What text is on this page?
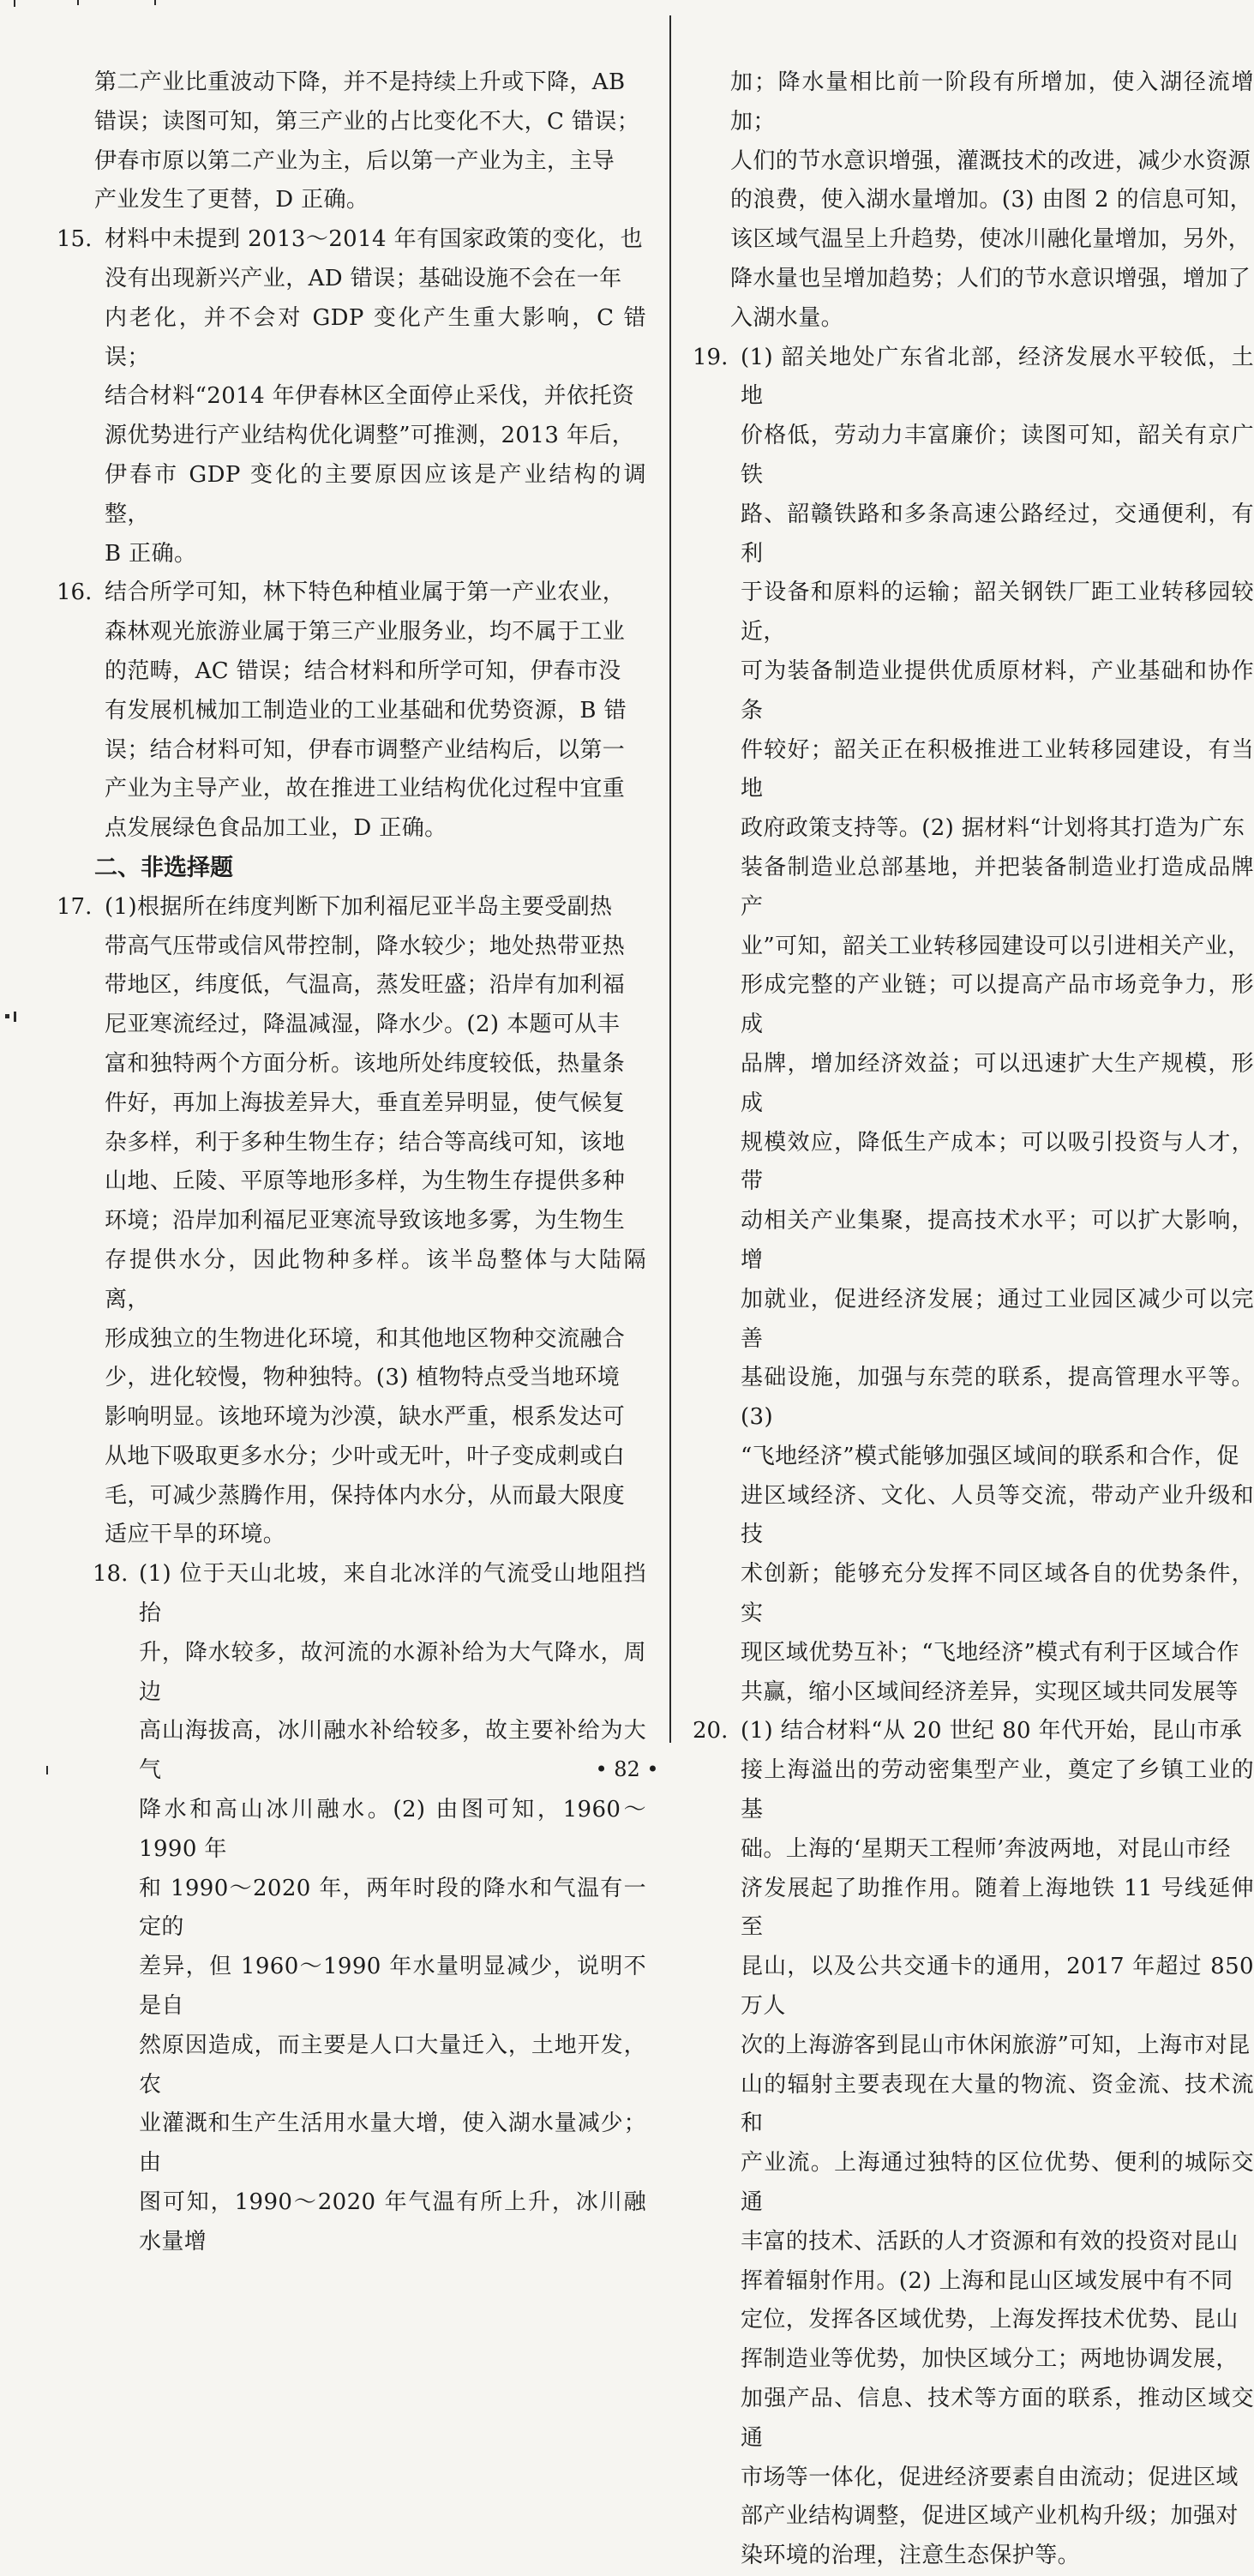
第二产业比重波动下降，并不是持续上升或下降，AB
错误；读图可知，第三产业的占比变化不大，C 错误；
伊春市原以第二产业为主，后以第一产业为主，主导
产业发生了更替，D 正确。

15. 材料中未提到 2013～2014 年有国家政策的变化，也
没有出现新兴产业，AD 错误；基础设施不会在一年
内老化，并不会对 GDP 变化产生重大影响，C 错误；
结合材料“2014 年伊春林区全面停止采伐，并依托资
源优势进行产业结构优化调整”可推测，2013 年后，
伊春市 GDP 变化的主要原因应该是产业结构的调整，
B 正确。

16. 结合所学可知，林下特色种植业属于第一产业农业，
森林观光旅游业属于第三产业服务业，均不属于工业
的范畴，AC 错误；结合材料和所学可知，伊春市没
有发展机械加工制造业的工业基础和优势资源，B 错
误；结合材料可知，伊春市调整产业结构后，以第一
产业为主导产业，故在推进工业结构优化过程中宜重
点发展绿色食品加工业，D 正确。

二、非选择题

17. (1)根据所在纬度判断下加利福尼亚半岛主要受副热
带高气压带或信风带控制，降水较少；地处热带亚热
带地区，纬度低，气温高，蒸发旺盛；沿岸有加利福
尼亚寒流经过，降温减湿，降水少。(2) 本题可从丰
富和独特两个方面分析。该地所处纬度较低，热量条
件好，再加上海拔差异大，垂直差异明显，使气候复
杂多样，利于多种生物生存；结合等高线可知，该地
山地、丘陵、平原等地形多样，为生物生存提供多种
环境；沿岸加利福尼亚寒流导致该地多雾，为生物生
存提供水分，因此物种多样。该半岛整体与大陆隔离，
形成独立的生物进化环境，和其他地区物种交流融合
少，进化较慢，物种独特。(3) 植物特点受当地环境
影响明显。该地环境为沙漠，缺水严重，根系发达可
从地下吸取更多水分；少叶或无叶，叶子变成刺或白
毛，可减少蒸腾作用，保持体内水分，从而最大限度
适应干旱的环境。

18. (1) 位于天山北坡，来自北冰洋的气流受山地阻挡抬
升，降水较多，故河流的水源补给为大气降水，周边
高山海拔高，冰川融水补给较多，故主要补给为大气
降水和高山冰川融水。(2) 由图可知，1960～1990 年
和 1990～2020 年，两年时段的降水和气温有一定的
差异，但 1960～1990 年水量明显减少，说明不是自
然原因造成，而主要是人口大量迁入，土地开发，农
业灌溉和生产生活用水量大增，使入湖水量减少；由
图可知，1990～2020 年气温有所上升，冰川融水量增

加；降水量相比前一阶段有所增加，使入湖径流增加；
人们的节水意识增强，灌溉技术的改进，减少水资源
的浪费，使入湖水量增加。(3) 由图 2 的信息可知，
该区域气温呈上升趋势，使冰川融化量增加，另外，
降水量也呈增加趋势；人们的节水意识增强，增加了
入湖水量。

19. (1) 韶关地处广东省北部，经济发展水平较低，土地
价格低，劳动力丰富廉价；读图可知，韶关有京广铁
路、韶赣铁路和多条高速公路经过，交通便利，有利
于设备和原料的运输；韶关钢铁厂距工业转移园较近，
可为装备制造业提供优质原材料，产业基础和协作条
件较好；韶关正在积极推进工业转移园建设，有当地
政府政策支持等。(2) 据材料“计划将其打造为广东
装备制造业总部基地，并把装备制造业打造成品牌产
业”可知，韶关工业转移园建设可以引进相关产业，
形成完整的产业链；可以提高产品市场竞争力，形成
品牌，增加经济效益；可以迅速扩大生产规模，形成
规模效应，降低生产成本；可以吸引投资与人才，带
动相关产业集聚，提高技术水平；可以扩大影响，增
加就业，促进经济发展；通过工业园区减少可以完善
基础设施，加强与东莞的联系，提高管理水平等。(3)
“飞地经济”模式能够加强区域间的联系和合作，促
进区域经济、文化、人员等交流，带动产业升级和技
术创新；能够充分发挥不同区域各自的优势条件，实
现区域优势互补；“飞地经济”模式有利于区域合作
共赢，缩小区域间经济差异，实现区域共同发展等

20. (1) 结合材料“从 20 世纪 80 年代开始，昆山市承
接上海溢出的劳动密集型产业，奠定了乡镇工业的基
础。上海的‘星期天工程师’奔波两地，对昆山市经
济发展起了助推作用。随着上海地铁 11 号线延伸至
昆山，以及公共交通卡的通用，2017 年超过 850 万人
次的上海游客到昆山市休闲旅游”可知，上海市对昆
山的辐射主要表现在大量的物流、资金流、技术流和
产业流。上海通过独特的区位优势、便利的城际交通
丰富的技术、活跃的人才资源和有效的投资对昆山
挥着辐射作用。(2) 上海和昆山区域发展中有不同
定位，发挥各区域优势，上海发挥技术优势、昆山
挥制造业等优势，加快区域分工；两地协调发展，
加强产品、信息、技术等方面的联系，推动区域交通
市场等一体化，促进经济要素自由流动；促进区域
部产业结构调整，促进区域产业机构升级；加强对
染环境的治理，注意生态保护等。

• 82 •
